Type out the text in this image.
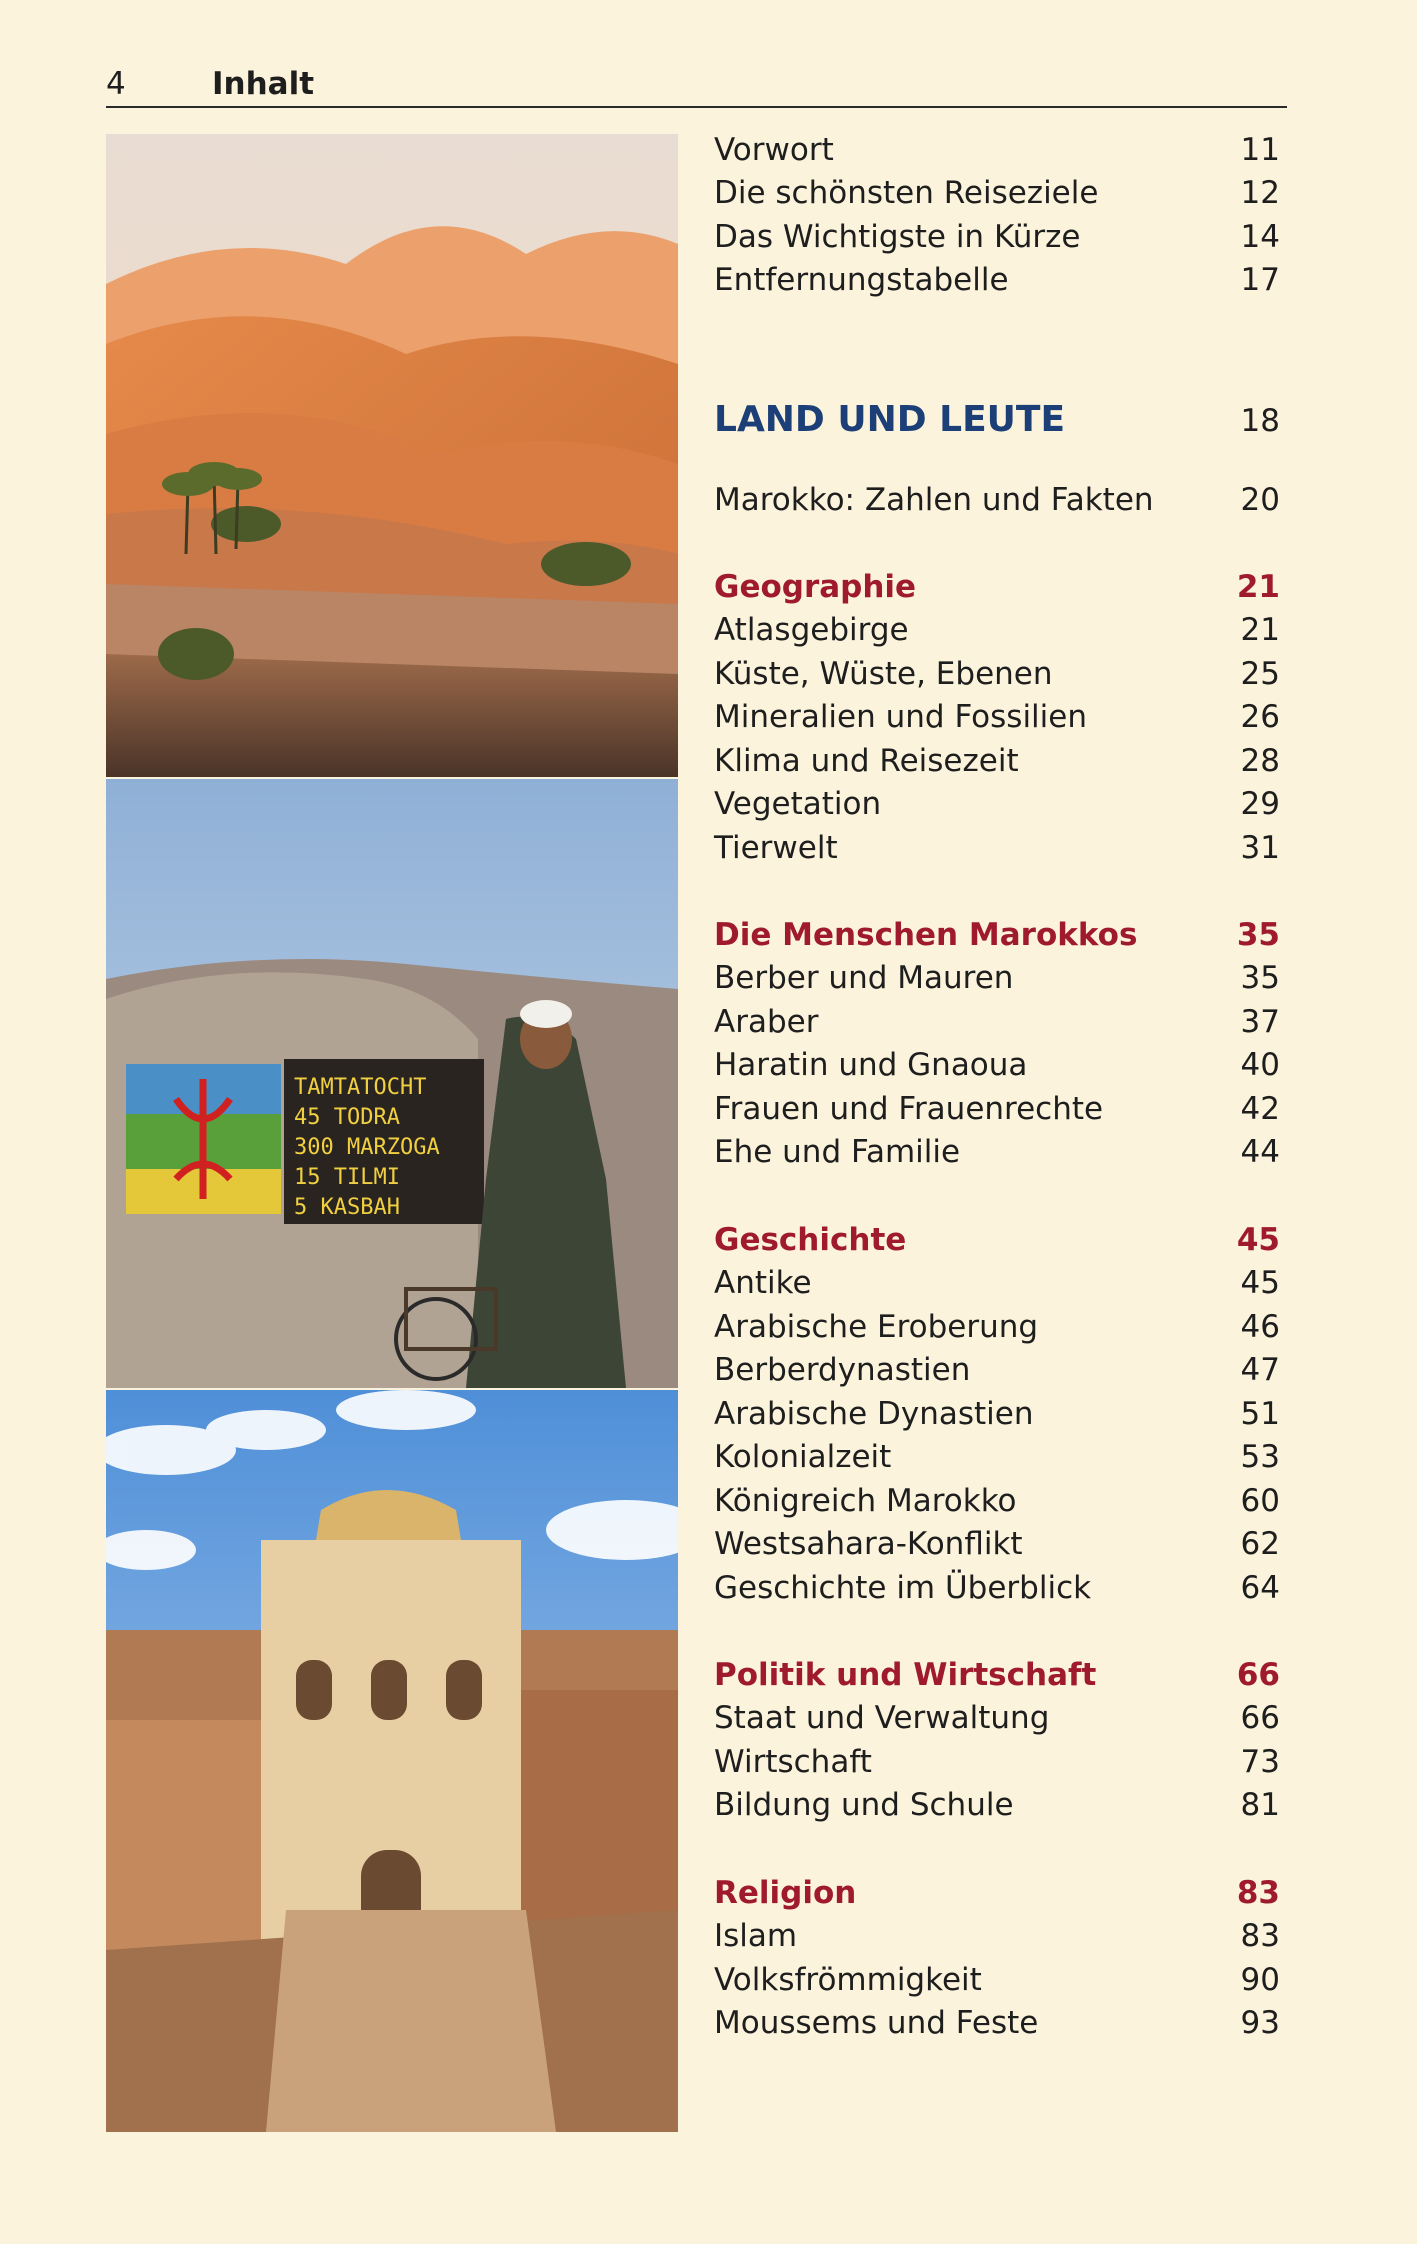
4	Inhalt
TAMTATOCHT
45 TODRA
300 MARZOGA
15 TILMI
5 KASBAH
Vorwort	11
Die schönsten Reiseziele	12
Das Wichtigste in Kürze	14
Entfernungstabelle	17
LAND UND LEUTE	18
Marokko: Zahlen und Fakten	20
Geographie	21
Atlasgebirge	21
Küste, Wüste, Ebenen	25
Mineralien und Fossilien	26
Klima und Reisezeit	28
Vegetation	29
Tierwelt	31
Die Menschen Marokkos	35
Berber und Mauren	35
Araber	37
Haratin und Gnaoua	40
Frauen und Frauenrechte	42
Ehe und Familie	44
Geschichte	45
Antike	45
Arabische Eroberung	46
Berberdynastien	47
Arabische Dynastien	51
Kolonialzeit	53
Königreich Marokko	60
Westsahara-Konflikt	62
Geschichte im Überblick	64
Politik und Wirtschaft	66
Staat und Verwaltung	66
Wirtschaft	73
Bildung und Schule	81
Religion	83
Islam	83
Volksfrömmigkeit	90
Moussems und Feste	93
